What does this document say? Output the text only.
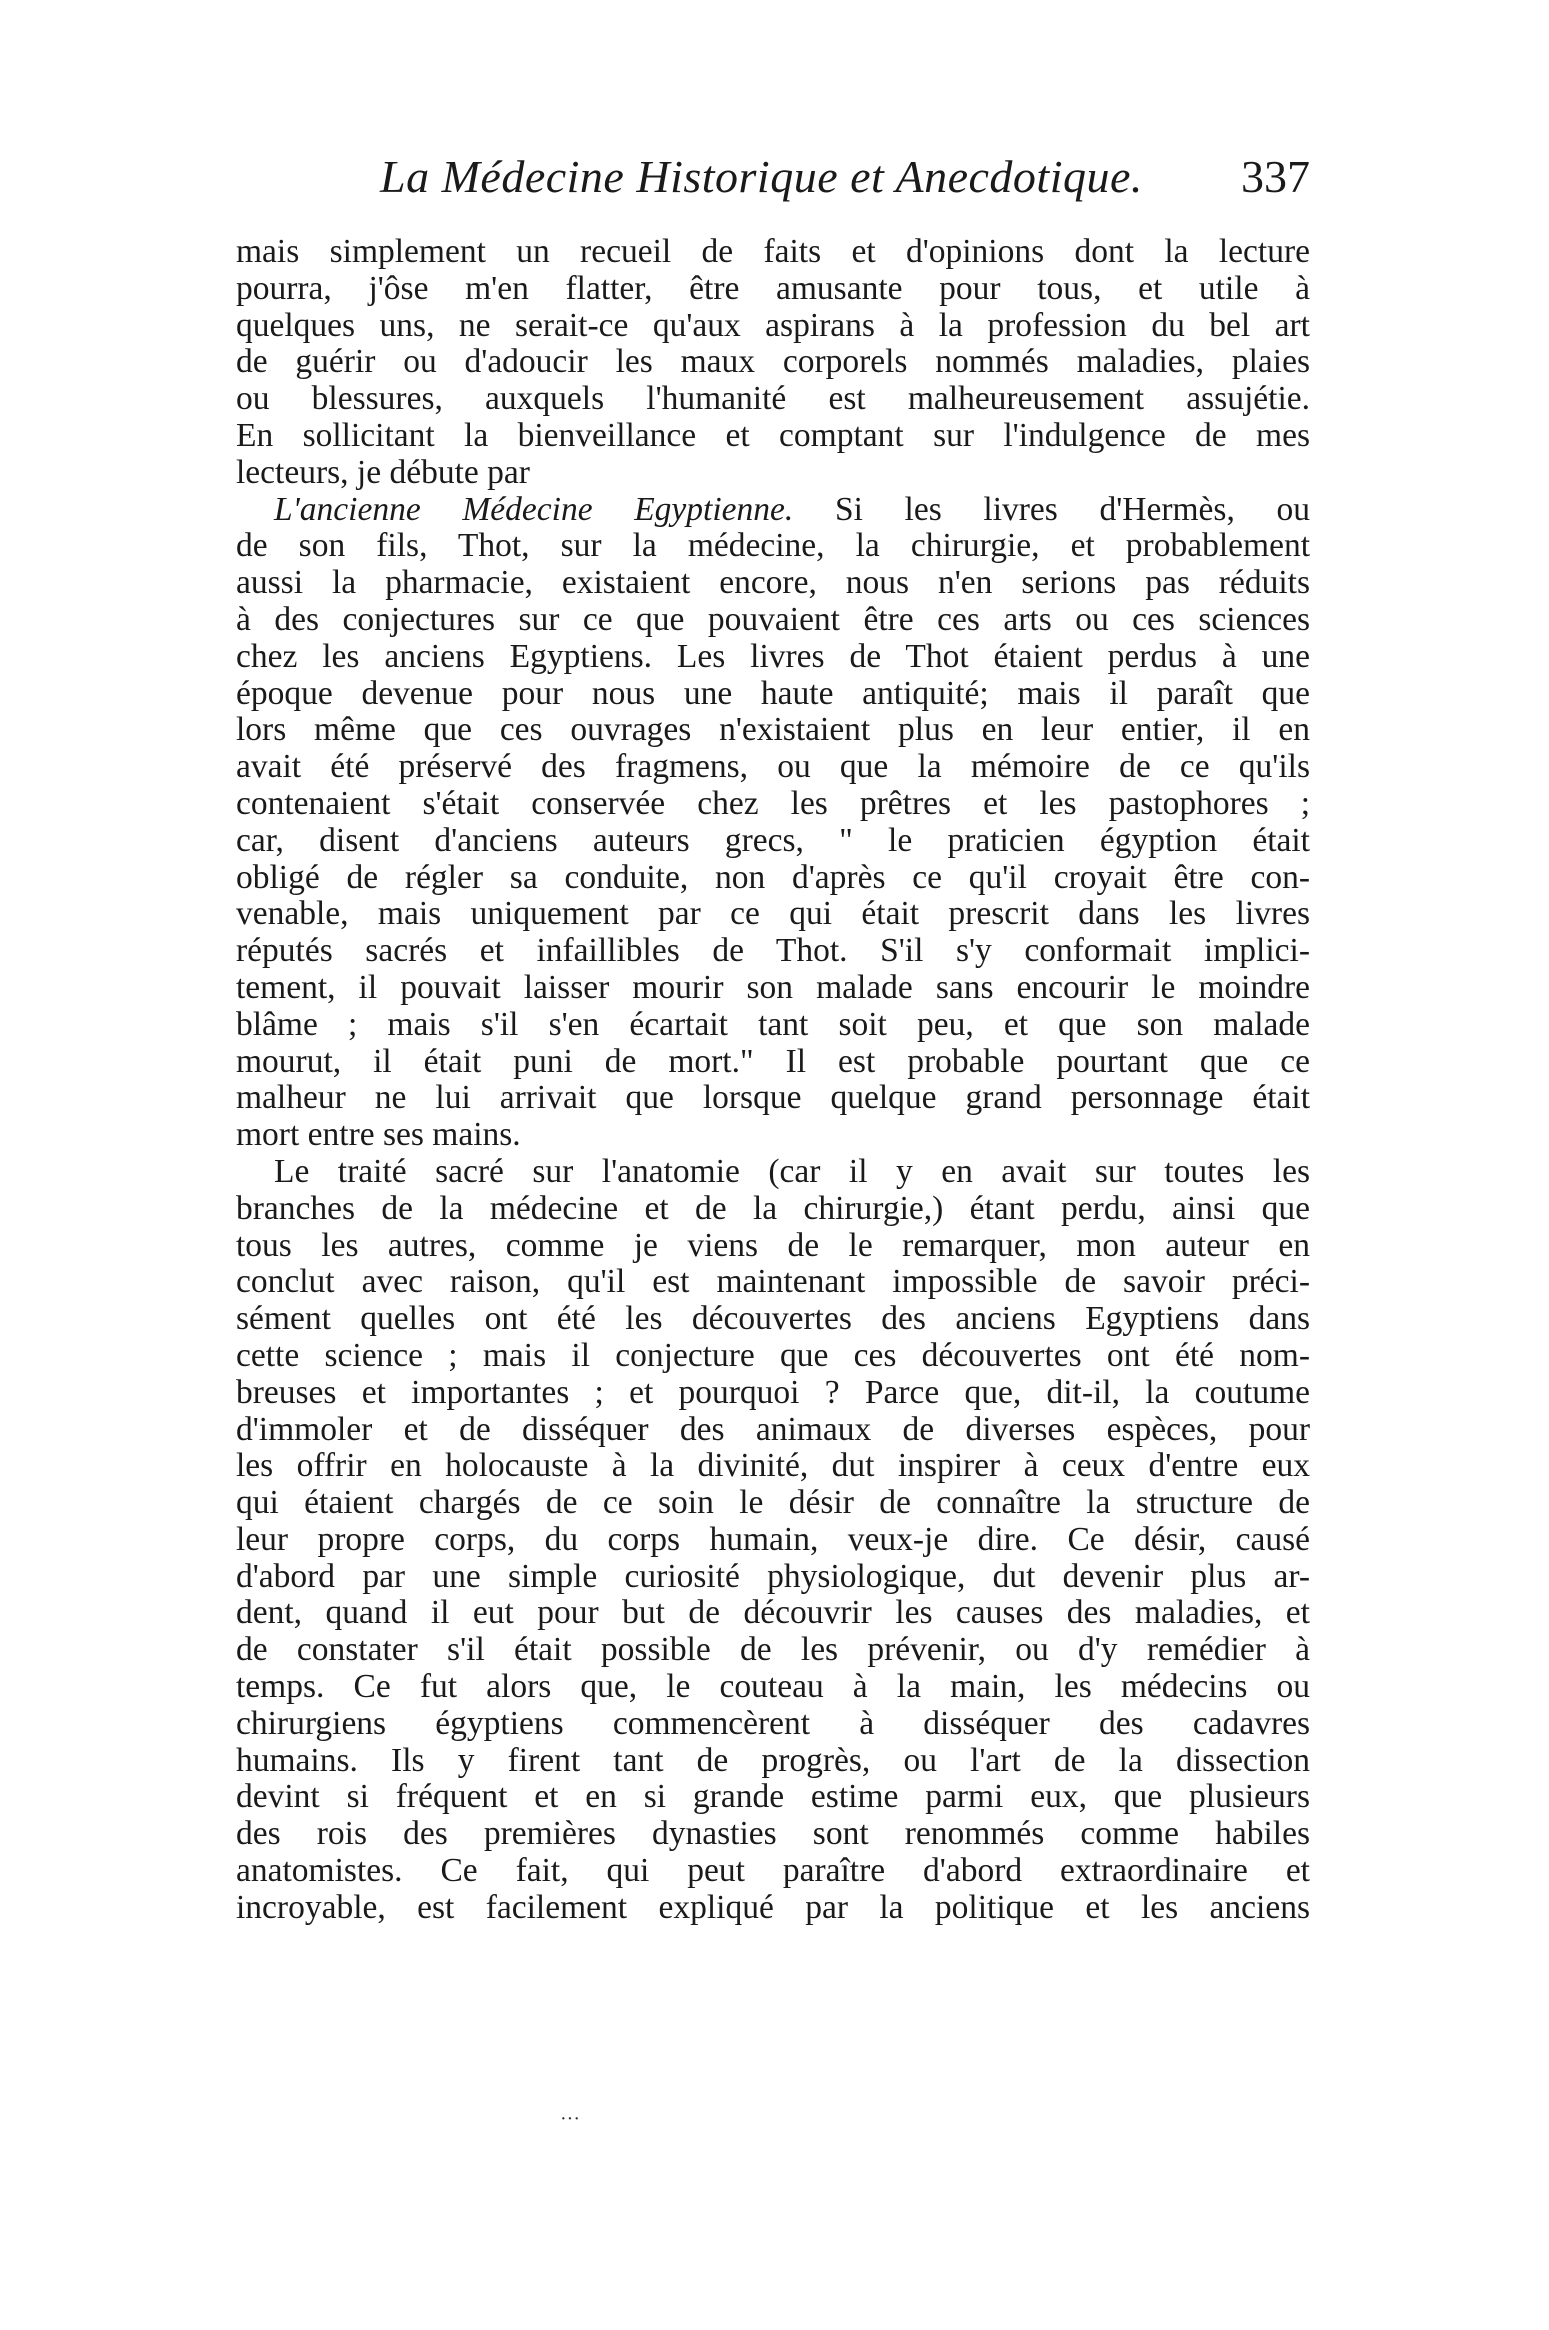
La Médecine Historique et Anecdotique. 337
mais simplement un recueil de faits et d'opinions dont la lecture
pourra, j'ôse m'en flatter, être amusante pour tous, et utile à
quelques uns, ne serait-ce qu'aux aspirans à la profession du bel art
de guérir ou d'adoucir les maux corporels nommés maladies, plaies
ou blessures, auxquels l'humanité est malheureusement assujétie.
En sollicitant la bienveillance et comptant sur l'indulgence de mes
lecteurs, je débute par
L'ancienne Médecine Egyptienne. Si les livres d'Hermès, ou
de son fils, Thot, sur la médecine, la chirurgie, et probablement
aussi la pharmacie, existaient encore, nous n'en serions pas réduits
à des conjectures sur ce que pouvaient être ces arts ou ces sciences
chez les anciens Egyptiens. Les livres de Thot étaient perdus à une
époque devenue pour nous une haute antiquité; mais il paraît que
lors même que ces ouvrages n'existaient plus en leur entier, il en
avait été préservé des fragmens, ou que la mémoire de ce qu'ils
contenaient s'était conservée chez les prêtres et les pastophores ;
car, disent d'anciens auteurs grecs, " le praticien égyption était
obligé de régler sa conduite, non d'après ce qu'il croyait être con-
venable, mais uniquement par ce qui était prescrit dans les livres
réputés sacrés et infaillibles de Thot. S'il s'y conformait implici-
tement, il pouvait laisser mourir son malade sans encourir le moindre
blâme ; mais s'il s'en écartait tant soit peu, et que son malade
mourut, il était puni de mort." Il est probable pourtant que ce
malheur ne lui arrivait que lorsque quelque grand personnage était
mort entre ses mains.
Le traité sacré sur l'anatomie (car il y en avait sur toutes les
branches de la médecine et de la chirurgie,) étant perdu, ainsi que
tous les autres, comme je viens de le remarquer, mon auteur en
conclut avec raison, qu'il est maintenant impossible de savoir préci-
sément quelles ont été les découvertes des anciens Egyptiens dans
cette science ; mais il conjecture que ces découvertes ont été nom-
breuses et importantes ; et pourquoi ? Parce que, dit-il, la coutume
d'immoler et de disséquer des animaux de diverses espèces, pour
les offrir en holocauste à la divinité, dut inspirer à ceux d'entre eux
qui étaient chargés de ce soin le désir de connaître la structure de
leur propre corps, du corps humain, veux-je dire. Ce désir, causé
d'abord par une simple curiosité physiologique, dut devenir plus ar-
dent, quand il eut pour but de découvrir les causes des maladies, et
de constater s'il était possible de les prévenir, ou d'y remédier à
temps. Ce fut alors que, le couteau à la main, les médecins ou
chirurgiens égyptiens commencèrent à disséquer des cadavres
humains. Ils y firent tant de progrès, ou l'art de la dissection
devint si fréquent et en si grande estime parmi eux, que plusieurs
des rois des premières dynasties sont renommés comme habiles
anatomistes. Ce fait, qui peut paraître d'abord extraordinaire et
incroyable, est facilement expliqué par la politique et les anciens
···
